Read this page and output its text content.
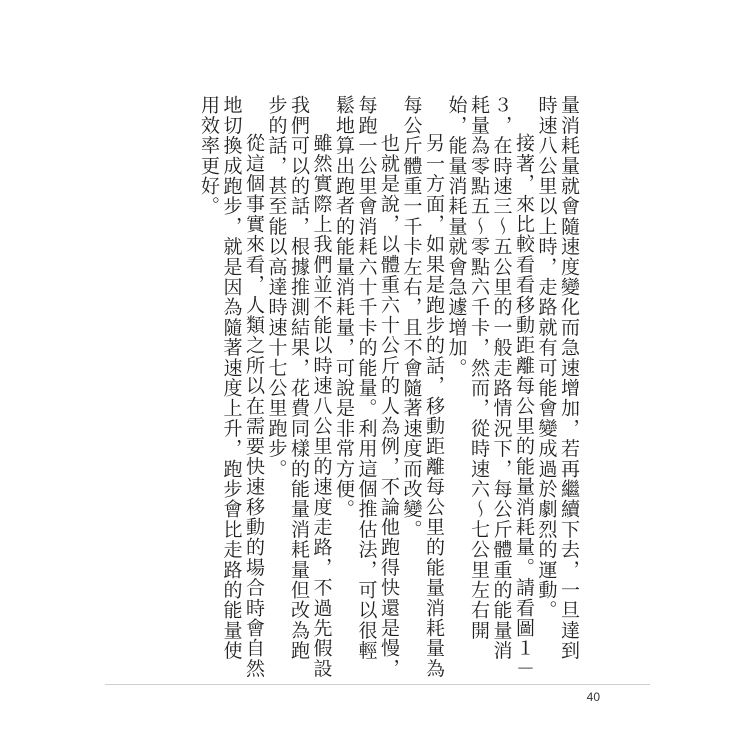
量消耗量就會隨速度變化而急速增加，若再繼續下去，一旦達到時速八公里以上時，走路就有可能會變成過於劇烈的運動。

接著，來比較看看移動距離每公里的能量消耗量。請看圖１－３，在時速三～五公里的一般走路情況下，每公斤體重的能量消耗量為零點五～零點六千卡，然而，從時速六～七公里左右開始，能量消耗量就會急遽增加。

另一方面，如果是跑步的話，移動距離每公里的能量消耗量為每公斤體重一千卡左右，且不會隨著速度而改變。

也就是說，以體重六十公斤的人為例，不論他跑得快還是慢，每跑一公里會消耗六十千卡的能量。利用這個推估法，可以很輕鬆地算出跑者的能量消耗量，可說是非常方便。

雖然實際上我們並不能以時速八公里的速度走路，不過先假設我們可以的話，根據推測結果，花費同樣的能量消耗量但改為跑步的話，甚至能以高達時速十七公里跑步。

從這個事實來看，人類之所以在需要快速移動的場合時會自然地切換成跑步，就是因為隨著速度上升，跑步會比走路的能量使用效率更好。

40
